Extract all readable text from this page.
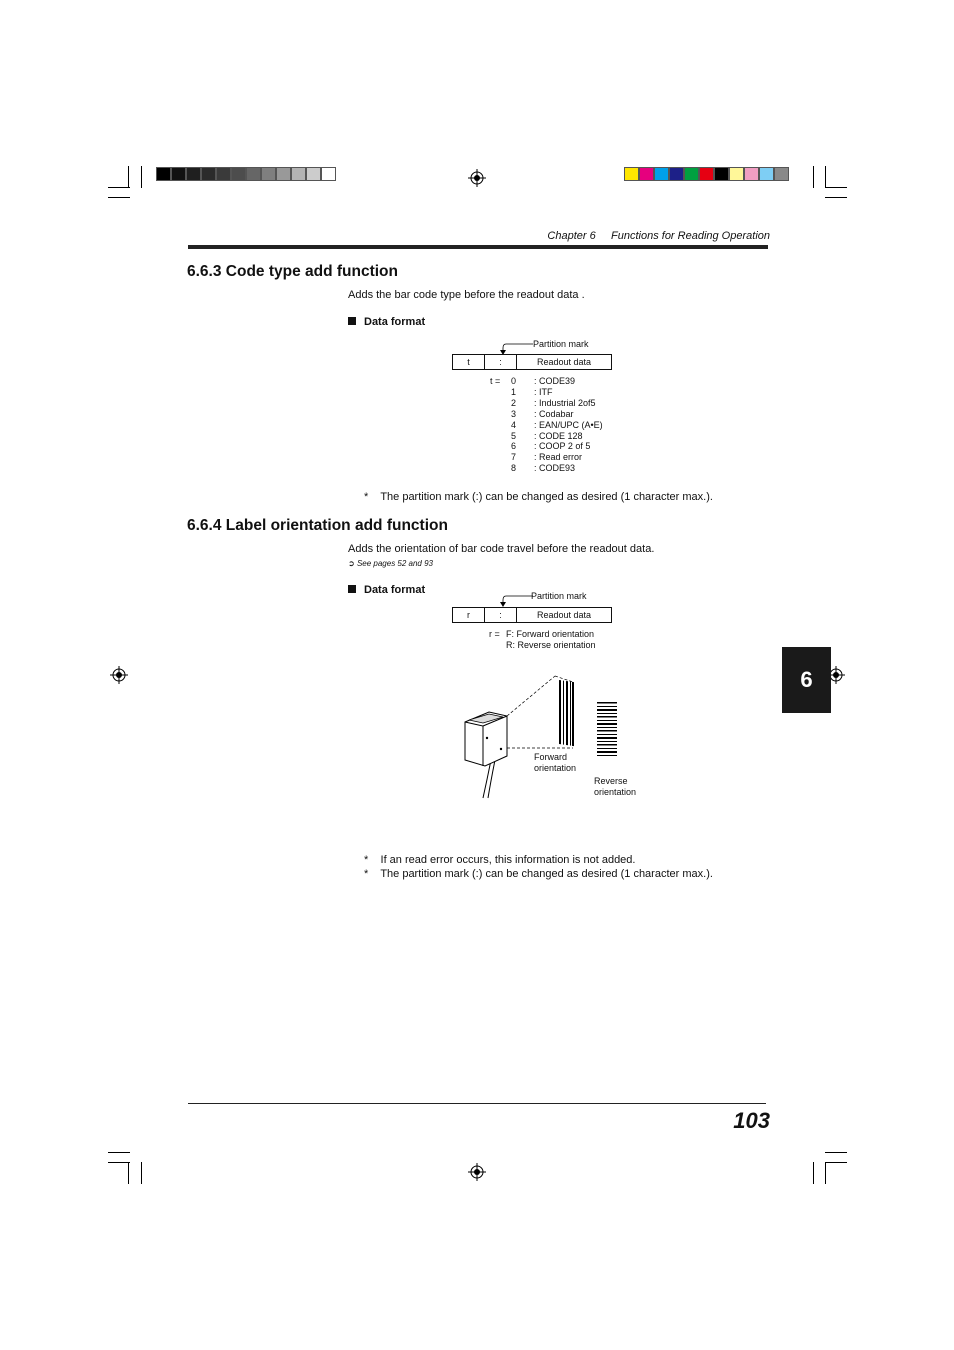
Chapter 6 Functions for Reading Operation
6.6.3 Code type add function
Adds the bar code type before the readout data .
Data format
Partition mark
t	:	Readout data
t =	0	: CODE39
1	: ITF
2	: Industrial 2of5
3	: Codabar
4	: EAN/UPC (A•E)
5	: CODE 128
6	: COOP 2 of 5
7	: Read error
8	: CODE93
* The partition mark (:) can be changed as desired (1 character max.).
6.6.4 Label orientation add function
Adds the orientation of bar code travel before the readout data.
➲ See pages 52 and 93
Data format	Partition mark
r	:	Readout data
r = F: Forward orientation
R: Reverse orientation
Forward
orientation
Reverse
orientation
* If an read error occurs, this information is not added.
* The partition mark (:) can be changed as desired (1 character max.).
6
103
